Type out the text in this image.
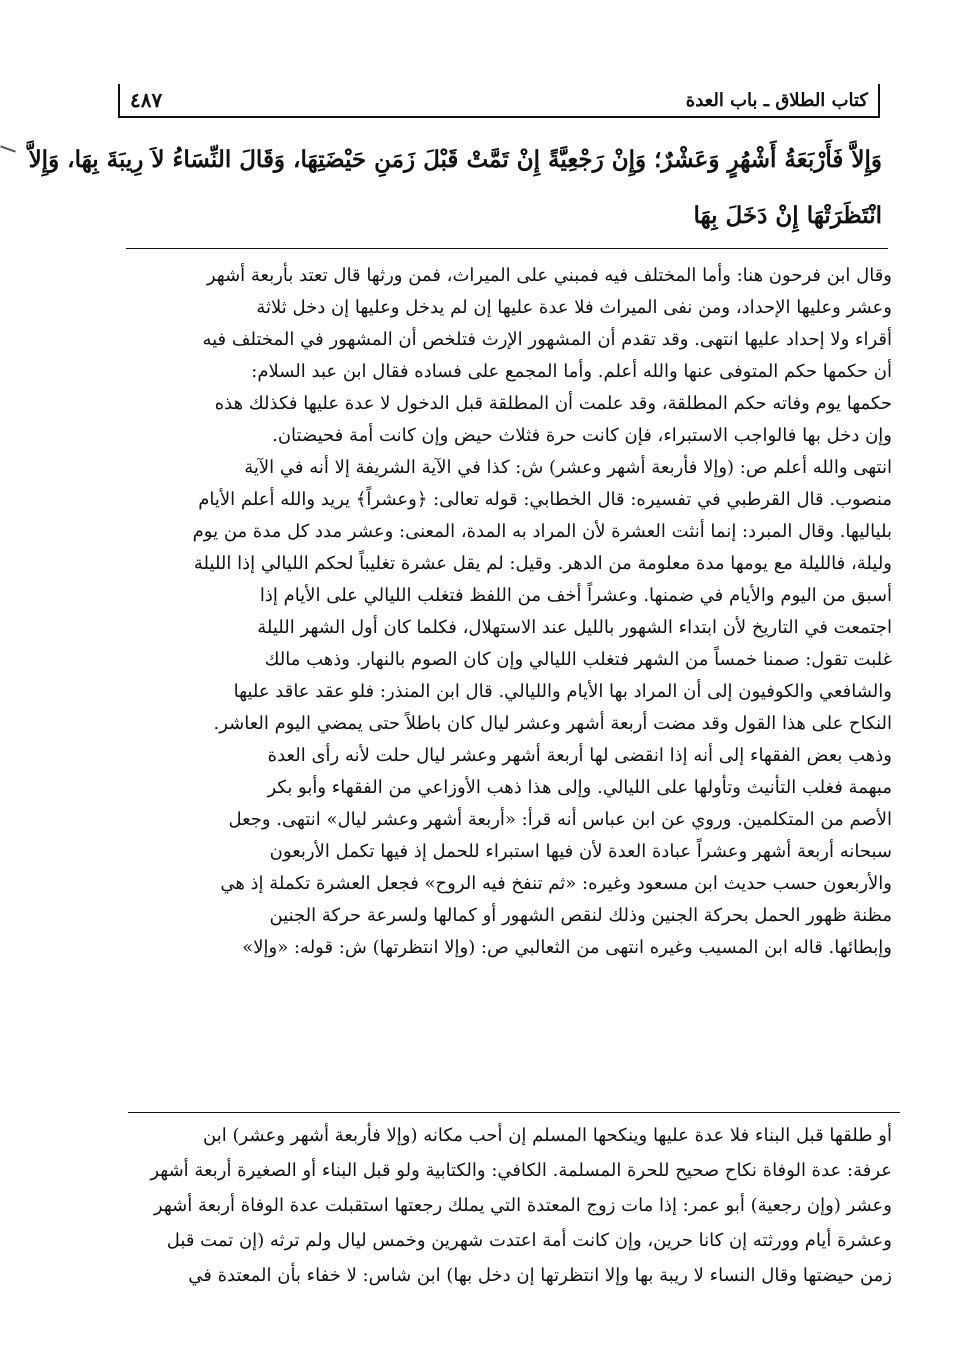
كتاب الطلاق ـ باب العدة
٤٨٧
وَإِلاَّ فَأَرْبَعَةُ أَشْهُرٍ وَعَشْرٌ؛ وَإِنْ رَجْعِيَّةً إِنْ تَمَّتْ قَبْلَ زَمَنِ حَيْضَتِهَا، وَقَالَ النِّسَاءُ لاَ رِيبَةَ بِهَا، وَإِلاَّ
انْتَظَرَتْهَا إِنْ دَخَلَ بِهَا
وقال ابن فرحون هنا: وأما المختلف فيه فمبني على الميراث، فمن ورثها قال تعتد بأربعة أشهر
وعشر وعليها الإحداد، ومن نفى الميراث فلا عدة عليها إن لم يدخل وعليها إن دخل ثلاثة
أقراء ولا إحداد عليها انتهى. وقد تقدم أن المشهور الإرث فتلخص أن المشهور في المختلف فيه
أن حكمها حكم المتوفى عنها والله أعلم. وأما المجمع على فساده فقال ابن عبد السلام:
حكمها يوم وفاته حكم المطلقة، وقد علمت أن المطلقة قبل الدخول لا عدة عليها فكذلك هذه
وإن دخل بها فالواجب الاستبراء، فإن كانت حرة فثلاث حيض وإن كانت أمة فحيضتان.
انتهى والله أعلم ص: (وإلا فأربعة أشهر وعشر) ش: كذا في الآية الشريفة إلا أنه في الآية
منصوب. قال القرطبي في تفسيره: قال الخطابي: قوله تعالى: ﴿وعشراً﴾ يريد والله أعلم الأيام
بلياليها. وقال المبرد: إنما أنثت العشرة لأن المراد به المدة، المعنى: وعشر مدد كل مدة من يوم
وليلة، فالليلة مع يومها مدة معلومة من الدهر. وقيل: لم يقل عشرة تغليباً لحكم الليالي إذا الليلة
أسبق من اليوم والأيام في ضمنها. وعشراً أخف من اللفظ فتغلب الليالي على الأيام إذا
اجتمعت في التاريخ لأن ابتداء الشهور بالليل عند الاستهلال، فكلما كان أول الشهر الليلة
غلبت تقول: صمنا خمساً من الشهر فتغلب الليالي وإن كان الصوم بالنهار. وذهب مالك
والشافعي والكوفيون إلى أن المراد بها الأيام والليالي. قال ابن المنذر: فلو عقد عاقد عليها
النكاح على هذا القول وقد مضت أربعة أشهر وعشر ليال كان باطلاً حتى يمضي اليوم العاشر.
وذهب بعض الفقهاء إلى أنه إذا انقضى لها أربعة أشهر وعشر ليال حلت لأنه رأى العدة
مبهمة فغلب التأنيث وتأولها على الليالي. وإلى هذا ذهب الأوزاعي من الفقهاء وأبو بكر
الأصم من المتكلمين. وروي عن ابن عباس أنه قرأ: «أربعة أشهر وعشر ليال» انتهى. وجعل
سبحانه أربعة أشهر وعشراً عبادة العدة لأن فيها استبراء للحمل إذ فيها تكمل الأربعون
والأربعون حسب حديث ابن مسعود وغيره: «ثم تنفخ فيه الروح» فجعل العشرة تكملة إذ هي
مظنة ظهور الحمل بحركة الجنين وذلك لنقص الشهور أو كمالها ولسرعة حركة الجنين
وإبطائها. قاله ابن المسيب وغيره انتهى من الثعالبي ص: (وإلا انتظرتها) ش: قوله: «وإلا»
أو طلقها قبل البناء فلا عدة عليها وينكحها المسلم إن أحب مكانه (وإلا فأربعة أشهر وعشر) ابن
عرفة: عدة الوفاة نكاح صحيح للحرة المسلمة. الكافي: والكتابية ولو قبل البناء أو الصغيرة أربعة أشهر
وعشر (وإن رجعية) أبو عمر: إذا مات زوج المعتدة التي يملك رجعتها استقبلت عدة الوفاة أربعة أشهر
وعشرة أيام وورثته إن كانا حرين، وإن كانت أمة اعتدت شهرين وخمس ليال ولم ترثه (إن تمت قبل
زمن حيضتها وقال النساء لا ريبة بها وإلا انتظرتها إن دخل بها) ابن شاس: لا خفاء بأن المعتدة في
